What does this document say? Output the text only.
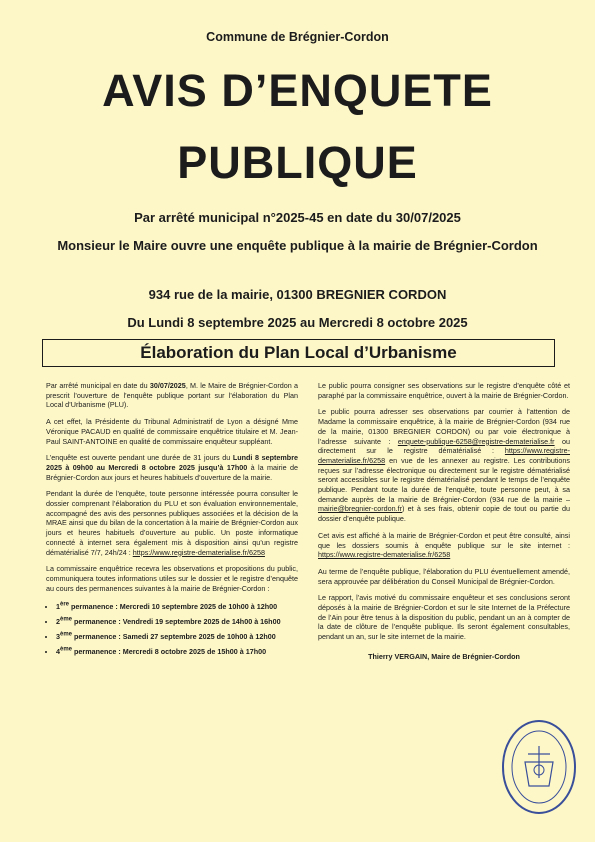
Commune de Brégnier-Cordon
AVIS D’ENQUETE
PUBLIQUE
Par arrêté municipal n°2025-45 en date du 30/07/2025
Monsieur le Maire ouvre une enquête publique à la mairie de Brégnier-Cordon
934 rue de la mairie, 01300 BREGNIER CORDON
Du Lundi 8 septembre 2025 au Mercredi 8 octobre 2025
Élaboration du Plan Local d’Urbanisme

Par arrêté municipal en date du 30/07/2025, M. le Maire de Brégnier-Cordon a prescrit l’ouverture de l’enquête publique portant sur l’élaboration du Plan Local d’Urbanisme (PLU).

A cet effet, la Présidente du Tribunal Administratif de Lyon a désigné Mme Véronique PACAUD en qualité de commissaire enquêtrice titulaire et M. Jean-Paul SAINT-ANTOINE en qualité de commissaire enquêteur suppléant.

L’enquête est ouverte pendant une durée de 31 jours du Lundi 8 septembre 2025 à 09h00 au Mercredi 8 octobre 2025 jusqu’à 17h00 à la mairie de Brégnier-Cordon aux jours et heures habituels d’ouverture de la mairie.

Pendant la durée de l’enquête, toute personne intéressée pourra consulter le dossier comprenant l’élaboration du PLU et son évaluation environnementale, accompagné des avis des personnes publiques associées et la décision de la MRAE ainsi que du bilan de la concertation à la mairie de Brégnier-Cordon aux jours et heures habituels d’ouverture au public. Un poste informatique connecté à internet sera également mis à disposition ainsi qu’un registre dématérialisé 7/7, 24h/24 : https://www.registre-dematerialise.fr/6258

La commissaire enquêtrice recevra les observations et propositions du public, communiquera toutes informations utiles sur le dossier et le registre d’enquête au cours des permanences suivantes à la mairie de Brégnier-Cordon :

• 1ère permanence : Mercredi 10 septembre 2025 de 10h00 à 12h00
• 2ème permanence : Vendredi 19 septembre 2025 de 14h00 à 16h00
• 3ème permanence : Samedi 27 septembre 2025 de 10h00 à 12h00
• 4ème permanence : Mercredi 8 octobre 2025 de 15h00 à 17h00

Le public pourra consigner ses observations sur le registre d’enquête côté et paraphé par la commissaire enquêtrice, ouvert à la mairie de Brégnier-Cordon.

Le public pourra adresser ses observations par courrier à l’attention de Madame la commissaire enquêtrice, à la mairie de Brégnier-Cordon (934 rue de la mairie, 01300 BREGNIER CORDON) ou par voie électronique à l’adresse suivante : enquete-publique-6258@registre-dematerialise.fr ou directement sur le registre dématérialisé : https://www.registre-dematerialise.fr/6258 en vue de les annexer au registre. Les contributions reçues sur l’adresse électronique ou directement sur le registre dématérialisé seront accessibles sur le registre dématérialisé pendant le temps de l’enquête publique. Pendant toute la durée de l’enquête, toute personne peut, à sa demande auprès de la mairie de Brégnier-Cordon (934 rue de la mairie – mairie@bregnier-cordon.fr) et à ses frais, obtenir copie de tout ou partie du dossier d’enquête publique.

Cet avis est affiché à la mairie de Brégnier-Cordon et peut être consulté, ainsi que les dossiers soumis à enquête publique sur le site internet : https://www.registre-dematerialise.fr/6258

Au terme de l’enquête publique, l’élaboration du PLU éventuellement amendé, sera approuvée par délibération du Conseil Municipal de Brégnier-Cordon.

Le rapport, l’avis motivé du commissaire enquêteur et ses conclusions seront déposés à la mairie de Brégnier-Cordon et sur le site Internet de la Préfecture de l’Ain pour être tenus à la disposition du public, pendant un an à compter de la date de clôture de l’enquête publique. Ils seront également consultables, pendant un an, sur le site internet de la mairie.

Thierry VERGAIN, Maire de Brégnier-Cordon
